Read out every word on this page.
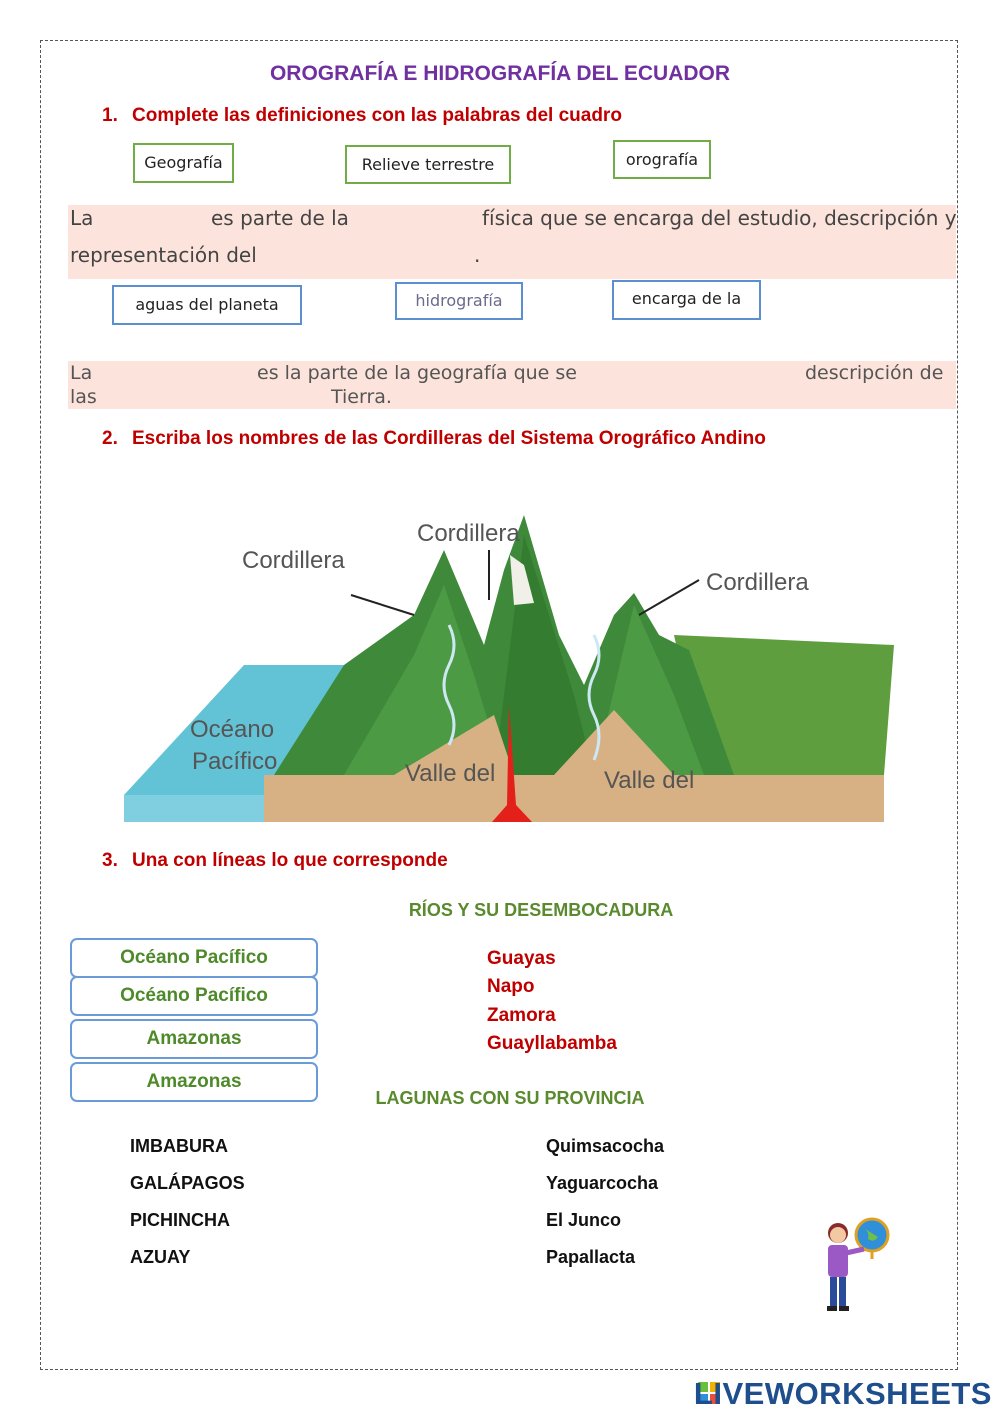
OROGRAFÍA E HIDROGRAFÍA DEL ECUADOR
1. Complete las definiciones con las palabras del cuadro
Geografía	Relieve terrestre	orografía
La	es parte de la	física que se encarga del estudio, descripción y
representación del	.
aguas del planeta	hidrografía	encarga de la
La	es la parte de la geografía que se	descripción de
las	Tierra.
2. Escriba los nombres de las Cordilleras del Sistema Orográfico Andino
Cordillera
Cordillera
Cordillera
Océano
Pacífico	Valle del	Valle del
3. Una con líneas lo que corresponde
RÍOS Y SU DESEMBOCADURA
Océano Pacífico
Océano Pacífico
Amazonas
Amazonas
Guayas
Napo
Zamora
Guayllabamba
LAGUNAS CON SU PROVINCIA
IMBABURA
GALÁPAGOS
PICHINCHA
AZUAY
Quimsacocha
Yaguarcocha
El Junco
Papallacta
LIVEWORKSHEETS
